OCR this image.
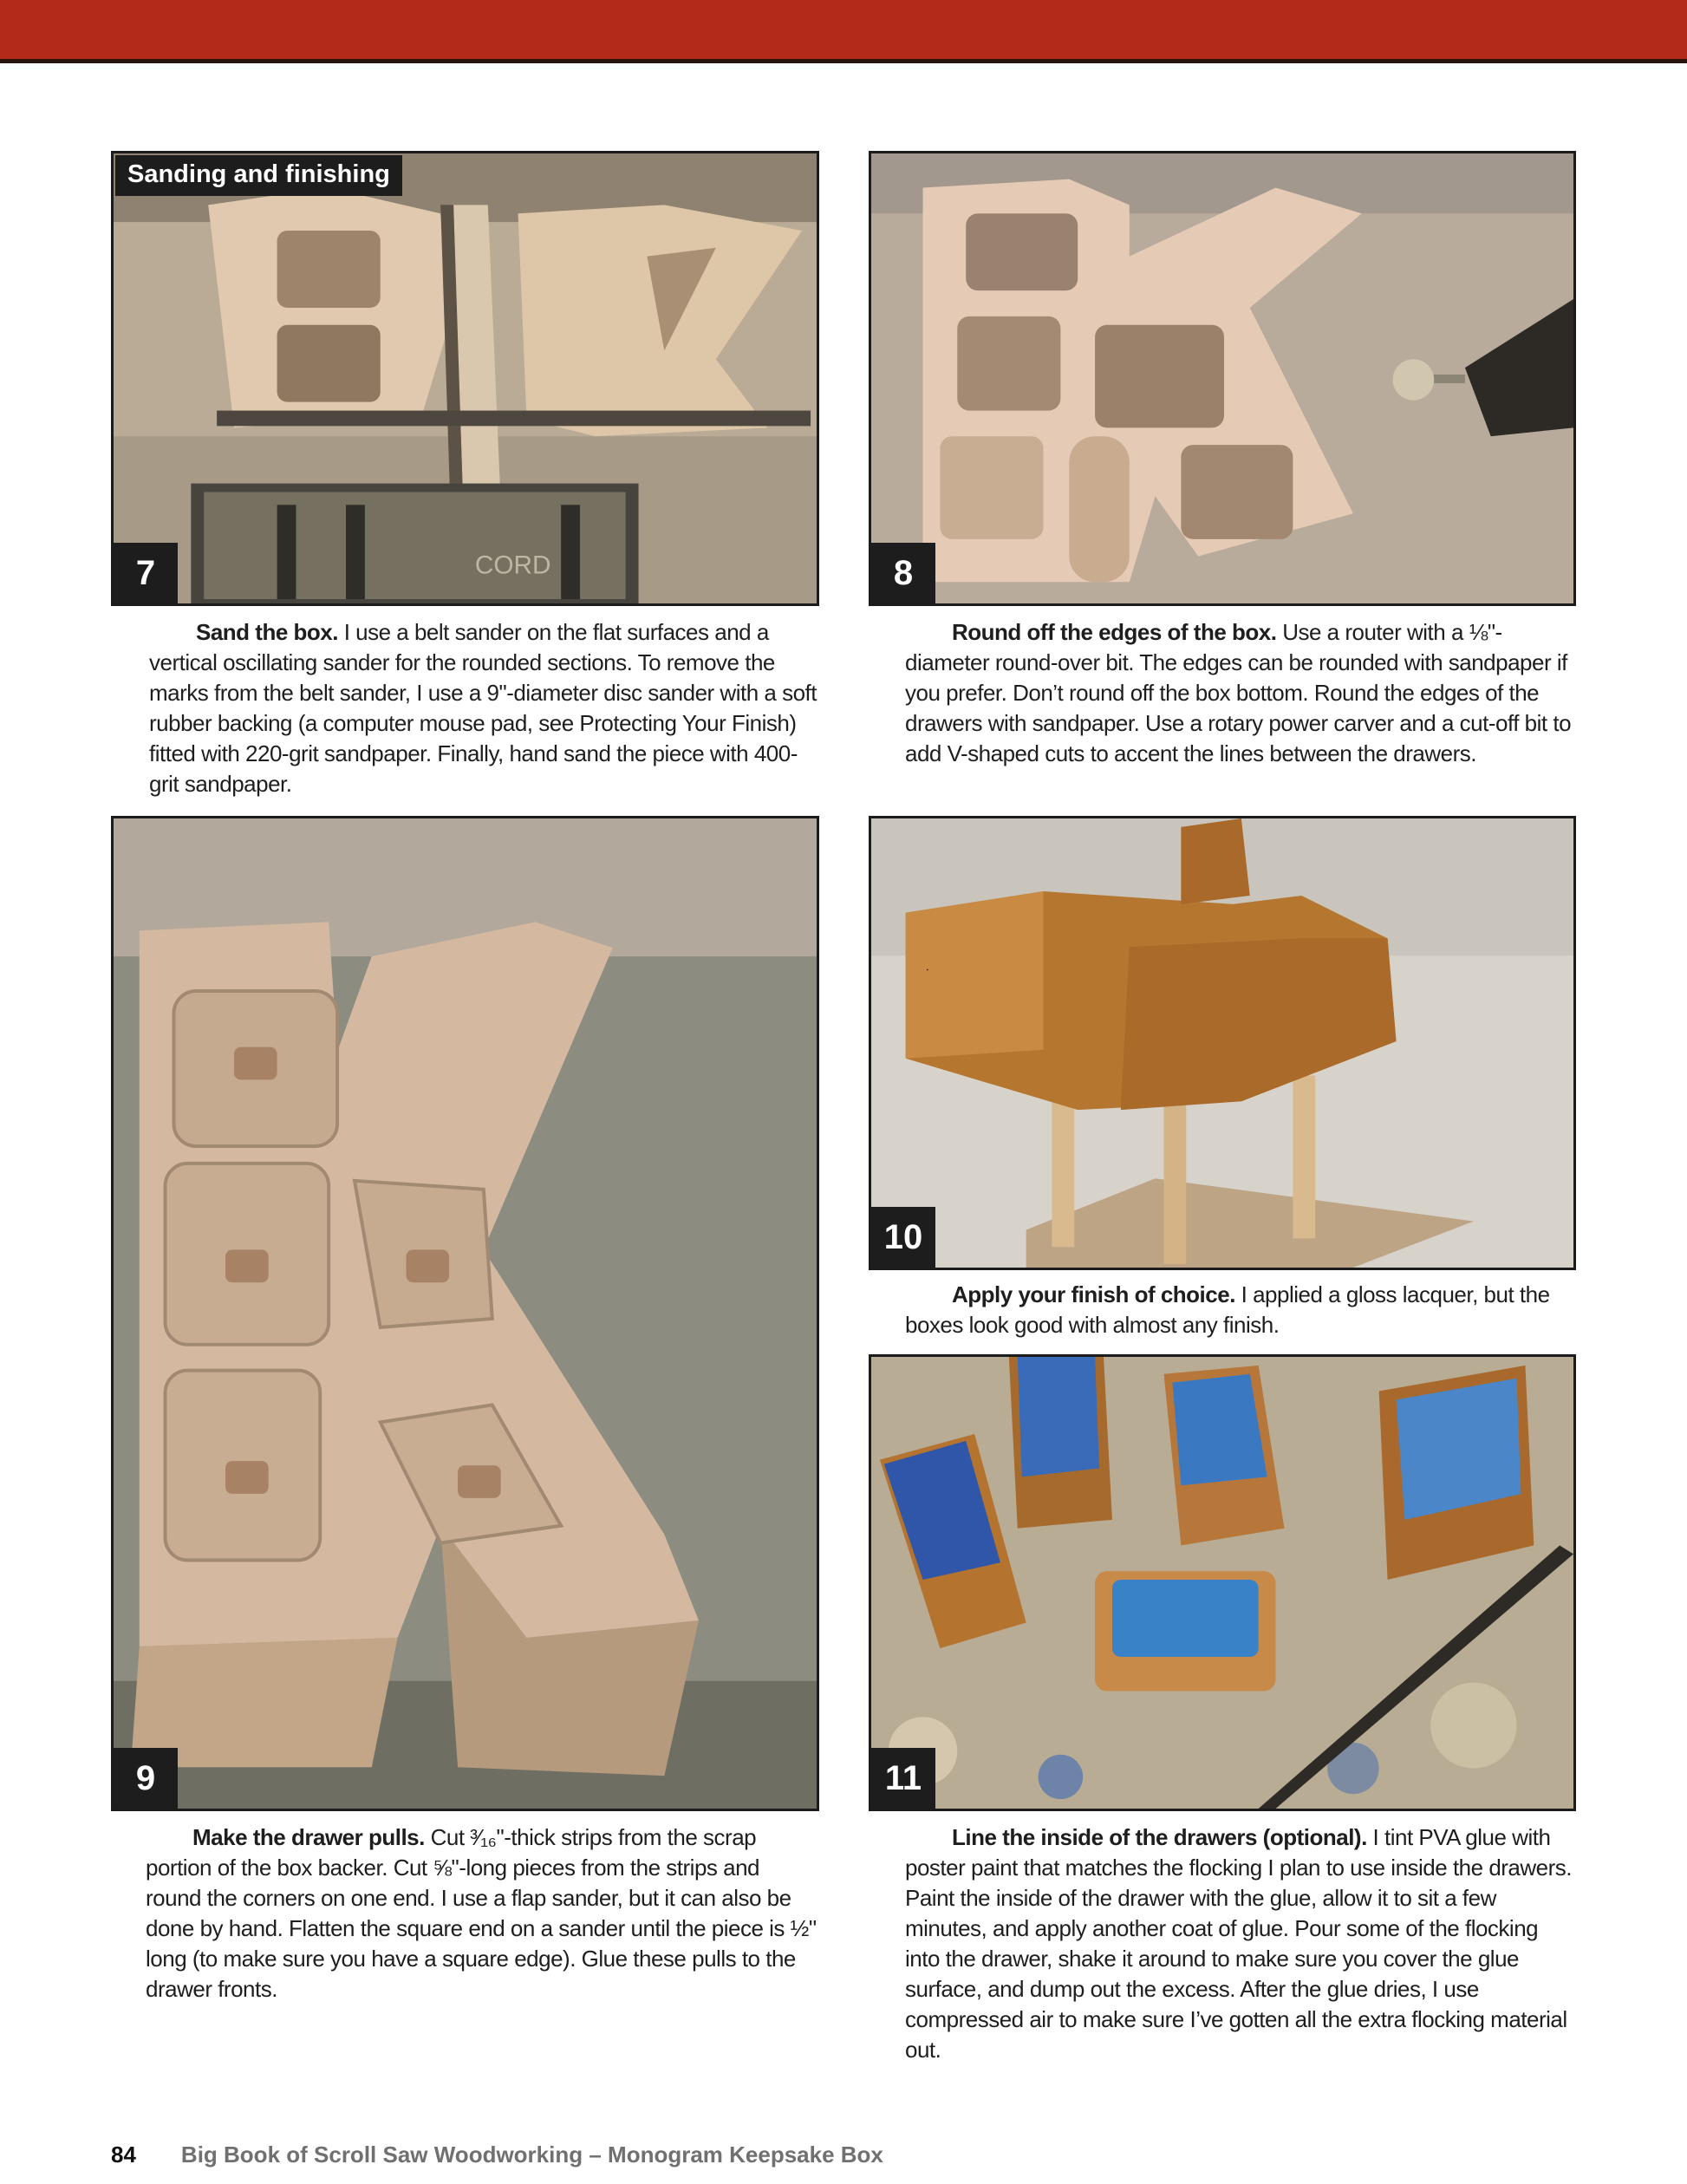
CORD
Sanding and finishing
7
Sand the box. I use a belt sander on the flat surfaces and a vertical oscillating sander for the rounded sections. To remove the marks from the belt sander, I use a 9"-diameter disc sander with a soft rubber backing (a computer mouse pad, see Protecting Your Finish) fitted with 220-grit sandpaper. Finally, hand sand the piece with 400-grit sandpaper.
8
Round off the edges of the box. Use a router with a ⅛"-diameter round-over bit. The edges can be rounded with sandpaper if you prefer. Don’t round off the box bottom. Round the edges of the drawers with sandpaper. Use a rotary power carver and a cut-off bit to add V-shaped cuts to accent the lines between the drawers.
9
Make the drawer pulls. Cut ³⁄₁₆"-thick strips from the scrap portion of the box backer. Cut ⅝"-long pieces from the strips and round the corners on one end. I use a flap sander, but it can also be done by hand. Flatten the square end on a sander until the piece is ½" long (to make sure you have a square edge). Glue these pulls to the drawer fronts.
·
10
Apply your finish of choice. I applied a gloss lacquer, but the boxes look good with almost any finish.
11
Line the inside of the drawers (optional). I tint PVA glue with poster paint that matches the flocking I plan to use inside the drawers. Paint the inside of the drawer with the glue, allow it to sit a few minutes, and apply another coat of glue. Pour some of the flocking into the drawer, shake it around to make sure you cover the glue surface, and dump out the excess. After the glue dries, I use compressed air to make sure I’ve gotten all the extra flocking material out.
84 Big Book of Scroll Saw Woodworking – Monogram Keepsake Box
